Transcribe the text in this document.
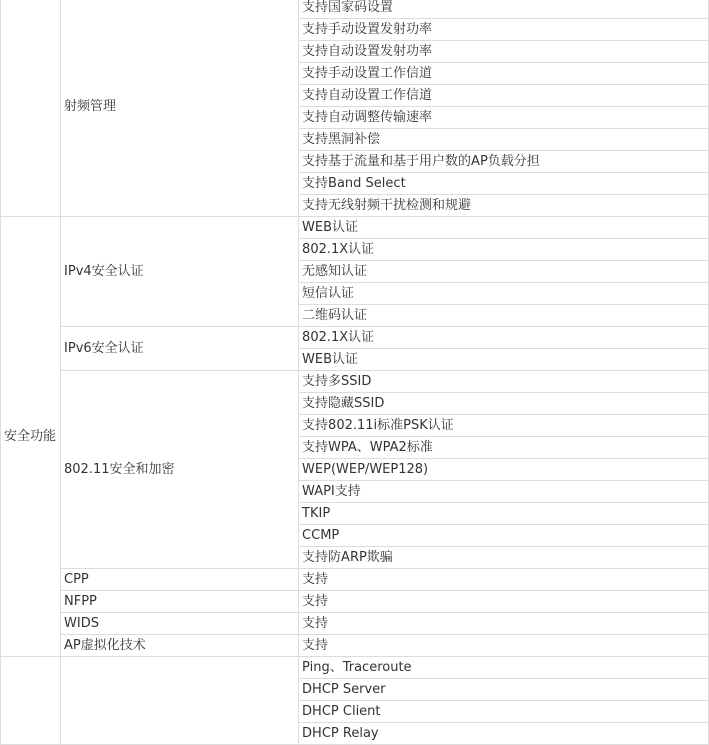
	射频管理	支持国家码设置
		支持手动设置发射功率
		支持自动设置发射功率
		支持手动设置工作信道
		支持自动设置工作信道
		支持自动调整传输速率
		支持黑洞补偿
		支持基于流量和基于用户数的AP负载分担
		支持Band Select
		支持无线射频干扰检测和规避
安全功能	IPv4安全认证	WEB认证
		802.1X认证
		无感知认证
		短信认证
		二维码认证
	IPv6安全认证	802.1X认证
		WEB认证
	802.11安全和加密	支持多SSID
		支持隐藏SSID
		支持802.11i标准PSK认证
		支持WPA、WPA2标准
		WEP(WEP/WEP128)
		WAPI支持
		TKIP
		CCMP
		支持防ARP欺骗
	CPP	支持
	NFPP	支持
	WIDS	支持
	AP虚拟化技术	支持
		Ping、Traceroute
		DHCP Server
		DHCP Client
		DHCP Relay
